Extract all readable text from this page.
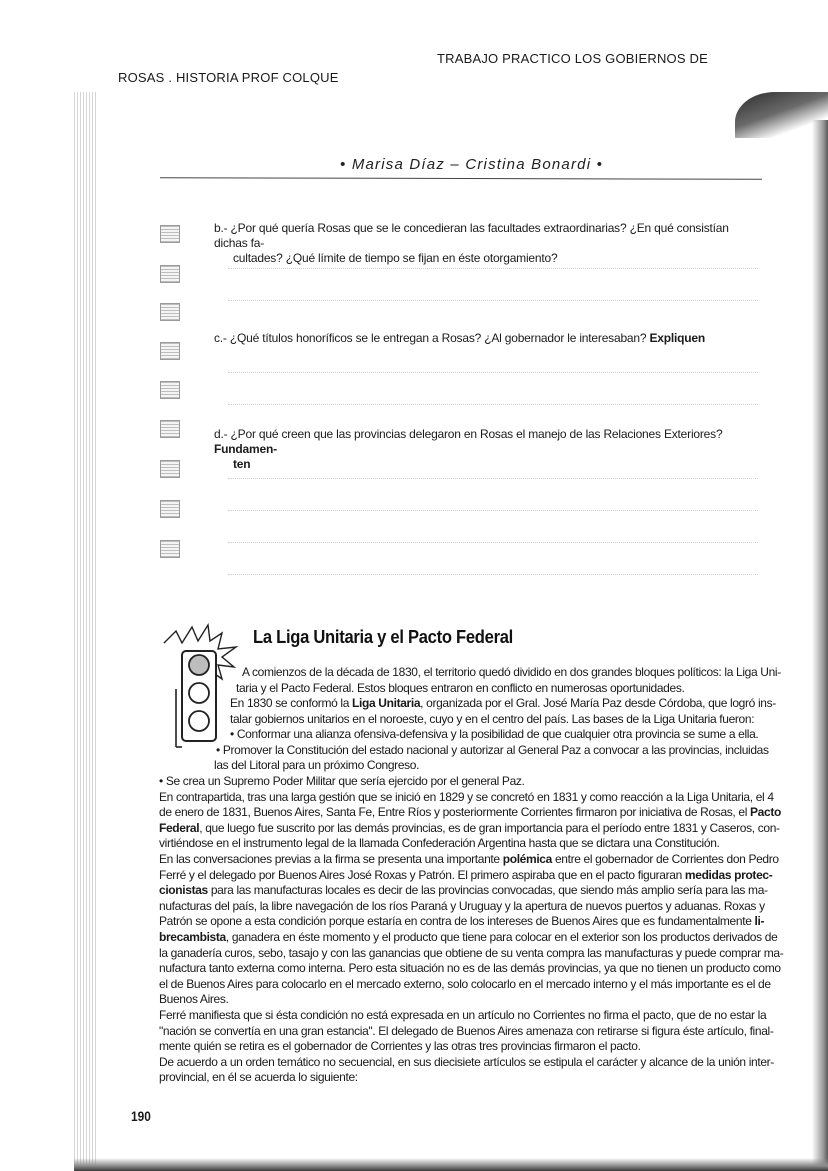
TRABAJO PRACTICO LOS GOBIERNOS DE
ROSAS . HISTORIA PROF COLQUE
• Marisa Díaz – Cristina Bonardi •
b.- ¿Por qué quería Rosas que se le concedieran las facultades extraordinarias? ¿En qué consistían dichas fa-
cultades? ¿Qué límite de tiempo se fijan en éste otorgamiento?
c.- ¿Qué títulos honoríficos se le entregan a Rosas? ¿Al gobernador le interesaban? Expliquen
d.- ¿Por qué creen que las provincias delegaron en Rosas el manejo de las Relaciones Exteriores? Fundamen-
ten
La Liga Unitaria y el Pacto Federal
A comienzos de la década de 1830, el territorio quedó dividido en dos grandes bloques políticos: la Liga Uni-
taria y el Pacto Federal. Estos bloques entraron en conflicto en numerosas oportunidades.
En 1830 se conformó la Liga Unitaria, organizada por el Gral. José María Paz desde Córdoba, que logró ins-
talar gobiernos unitarios en el noroeste, cuyo y en el centro del país. Las bases de la Liga Unitaria fueron:
• Conformar una alianza ofensiva-defensiva y la posibilidad de que cualquier otra provincia se sume a ella.
• Promover la Constitución del estado nacional y autorizar al General Paz a convocar a las provincias, incluidas
las del Litoral para un próximo Congreso.
• Se crea un Supremo Poder Militar que sería ejercido por el general Paz.
En contrapartida, tras una larga gestión que se inició en 1829 y se concretó en 1831 y como reacción a la Liga Unitaria, el 4
de enero de 1831, Buenos Aires, Santa Fe, Entre Ríos y posteriormente Corrientes firmaron por iniciativa de Rosas, el Pacto
Federal, que luego fue suscrito por las demás provincias, es de gran importancia para el período entre 1831 y Caseros, con-
virtiéndose en el instrumento legal de la llamada Confederación Argentina hasta que se dictara una Constitución.
En las conversaciones previas a la firma se presenta una importante polémica entre el gobernador de Corrientes don Pedro
Ferré y el delegado por Buenos Aires José Roxas y Patrón. El primero aspiraba que en el pacto figuraran medidas protec-
cionistas para las manufacturas locales es decir de las provincias convocadas, que siendo más amplio sería para las ma-
nufacturas del país, la libre navegación de los ríos Paraná y Uruguay y la apertura de nuevos puertos y aduanas. Roxas y
Patrón se opone a esta condición porque estaría en contra de los intereses de Buenos Aires que es fundamentalmente li-
brecambista, ganadera en éste momento y el producto que tiene para colocar en el exterior son los productos derivados de
la ganadería curos, sebo, tasajo y con las ganancias que obtiene de su venta compra las manufacturas y puede comprar ma-
nufactura tanto externa como interna. Pero esta situación no es de las demás provincias, ya que no tienen un producto como
el de Buenos Aires para colocarlo en el mercado externo, solo colocarlo en el mercado interno y el más importante es el de
Buenos Aires.
Ferré manifiesta que si ésta condición no está expresada en un artículo no Corrientes no firma el pacto, que de no estar la
"nación se convertía en una gran estancia". El delegado de Buenos Aires amenaza con retirarse si figura éste artículo, final-
mente quién se retira es el gobernador de Corrientes y las otras tres provincias firmaron el pacto.
De acuerdo a un orden temático no secuencial, en sus diecisiete artículos se estipula el carácter y alcance de la unión inter-
provincial, en él se acuerda lo siguiente:
190
